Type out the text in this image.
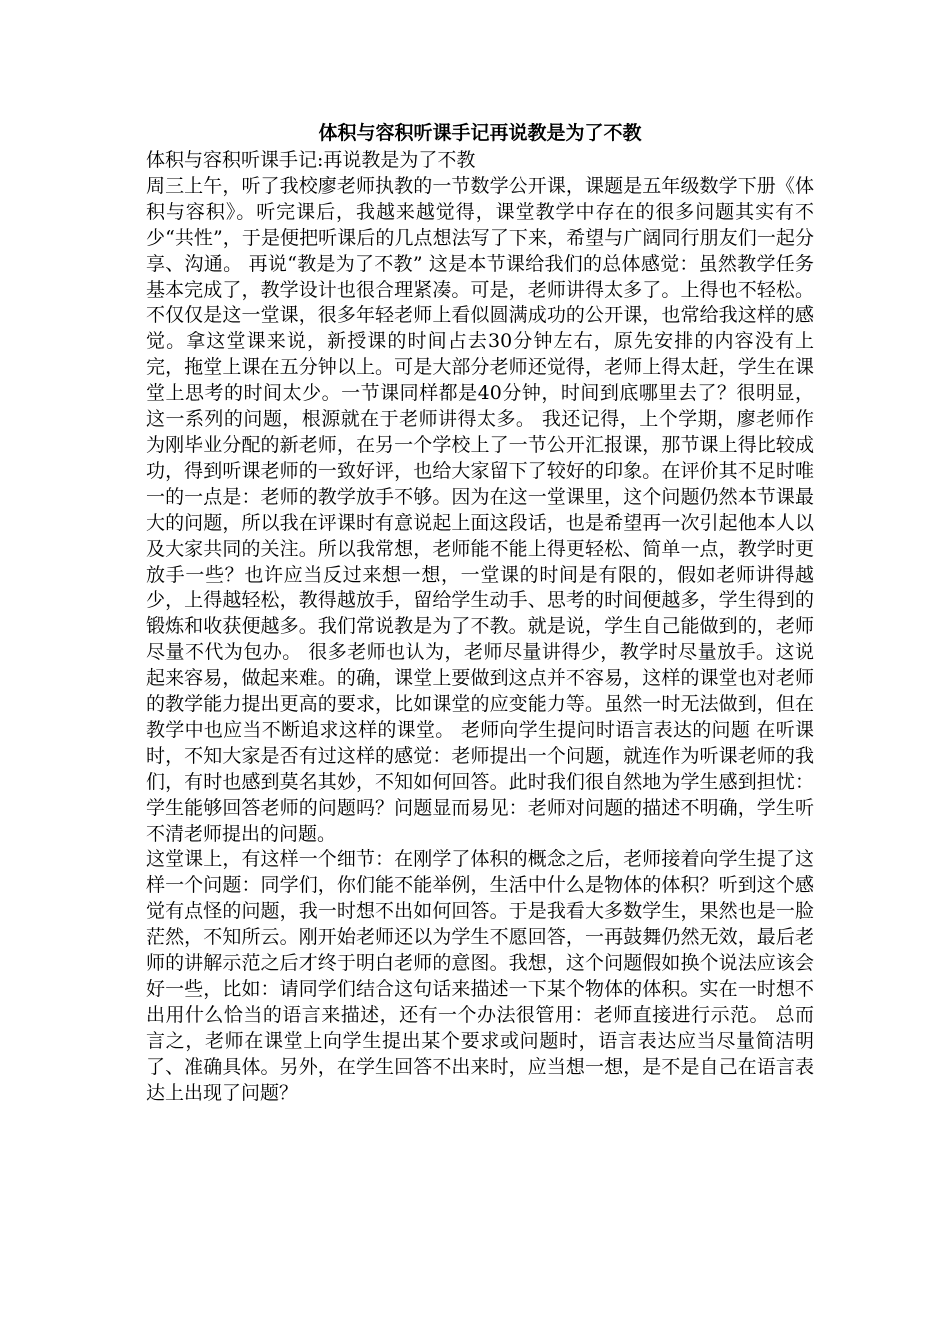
体积与容积听课手记再说教是为了不教

体积与容积听课手记:再说教是为了不教

周三上午，听了我校廖老师执教的一节数学公开课，课题是五年级数学下册《体积与容积》。听完课后，我越来越觉得，课堂教学中存在的很多问题其实有不少“共性”，于是便把听课后的几点想法写了下来，希望与广阔同行朋友们一起分享、沟通。 再说“教是为了不教” 这是本节课给我们的总体感觉：虽然教学任务基本完成了，教学设计也很合理紧凑。可是，老师讲得太多了。上得也不轻松。不仅仅是这一堂课，很多年轻老师上看似圆满成功的公开课，也常给我这样的感觉。拿这堂课来说，新授课的时间占去30分钟左右，原先安排的内容没有上完，拖堂上课在五分钟以上。可是大部分老师还觉得，老师上得太赶，学生在课堂上思考的时间太少。一节课同样都是40分钟，时间到底哪里去了？很明显，这一系列的问题，根源就在于老师讲得太多。 我还记得，上个学期，廖老师作为刚毕业分配的新老师，在另一个学校上了一节公开汇报课，那节课上得比较成功，得到听课老师的一致好评，也给大家留下了较好的印象。在评价其不足时唯一的一点是：老师的教学放手不够。因为在这一堂课里，这个问题仍然本节课最大的问题，所以我在评课时有意说起上面这段话，也是希望再一次引起他本人以及大家共同的关注。所以我常想，老师能不能上得更轻松、简单一点，教学时更放手一些？也许应当反过来想一想，一堂课的时间是有限的，假如老师讲得越少，上得越轻松，教得越放手，留给学生动手、思考的时间便越多，学生得到的锻炼和收获便越多。我们常说教是为了不教。就是说，学生自己能做到的，老师尽量不代为包办。 很多老师也认为，老师尽量讲得少，教学时尽量放手。这说起来容易，做起来难。的确，课堂上要做到这点并不容易，这样的课堂也对老师的教学能力提出更高的要求，比如课堂的应变能力等。虽然一时无法做到，但在教学中也应当不断追求这样的课堂。 老师向学生提问时语言表达的问题 在听课时，不知大家是否有过这样的感觉：老师提出一个问题，就连作为听课老师的我们，有时也感到莫名其妙，不知如何回答。此时我们很自然地为学生感到担忧：学生能够回答老师的问题吗？问题显而易见：老师对问题的描述不明确，学生听不清老师提出的问题。

这堂课上，有这样一个细节：在刚学了体积的概念之后，老师接着向学生提了这样一个问题：同学们，你们能不能举例，生活中什么是物体的体积？听到这个感觉有点怪的问题，我一时想不出如何回答。于是我看大多数学生，果然也是一脸茫然，不知所云。刚开始老师还以为学生不愿回答，一再鼓舞仍然无效，最后老师的讲解示范之后才终于明白老师的意图。我想，这个问题假如换个说法应该会好一些，比如：请同学们结合这句话来描述一下某个物体的体积。实在一时想不出用什么恰当的语言来描述，还有一个办法很管用：老师直接进行示范。 总而言之，老师在课堂上向学生提出某个要求或问题时，语言表达应当尽量简洁明了、准确具体。另外，在学生回答不出来时，应当想一想，是不是自己在语言表达上出现了问题？
